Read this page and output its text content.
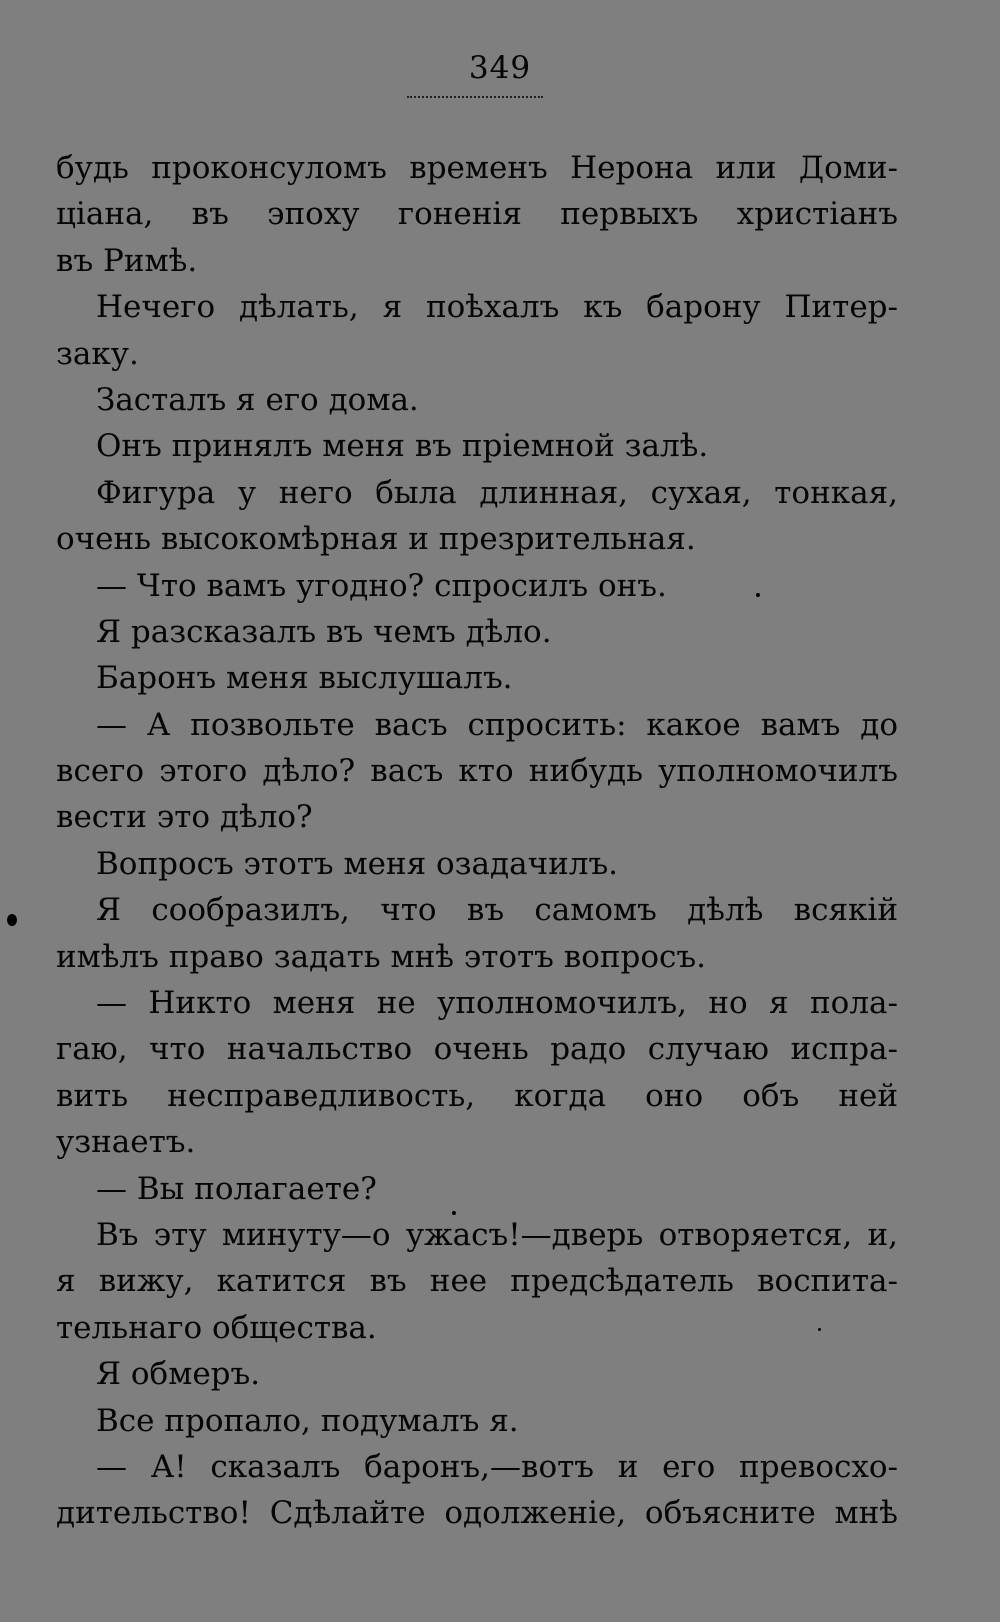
349
будь проконсуломъ временъ Нерона или Доми-
ціана, въ эпоху гоненія первыхъ христіанъ
въ Римѣ.
Нечего дѣлать, я поѣхалъ къ барону Питер-
заку.
Засталъ я его дома.
Онъ принялъ меня въ пріемной залѣ.
Фигура у него была длинная, сухая, тонкая,
очень высокомѣрная и презрительная.
— Что вамъ угодно? спросилъ онъ.
Я разсказалъ въ чемъ дѣло.
Баронъ меня выслушалъ.
— А позвольте васъ спросить: какое вамъ до
всего этого дѣло? васъ кто нибудь уполномочилъ
вести это дѣло?
Вопросъ этотъ меня озадачилъ.
Я сообразилъ, что въ самомъ дѣлѣ всякій
имѣлъ право задать мнѣ этотъ вопросъ.
— Никто меня не уполномочилъ, но я пола-
гаю, что начальство очень радо случаю испра-
вить несправедливость, когда оно объ ней
узнаетъ.
— Вы полагаете?
Въ эту минуту—о ужасъ!—дверь отворяется, и,
я вижу, катится въ нее предсѣдатель воспита-
тельнаго общества.
Я обмеръ.
Все пропало, подумалъ я.
— А! сказалъ баронъ,—вотъ и его превосхо-
дительство! Сдѣлайте одолженіе, объясните мнѣ
